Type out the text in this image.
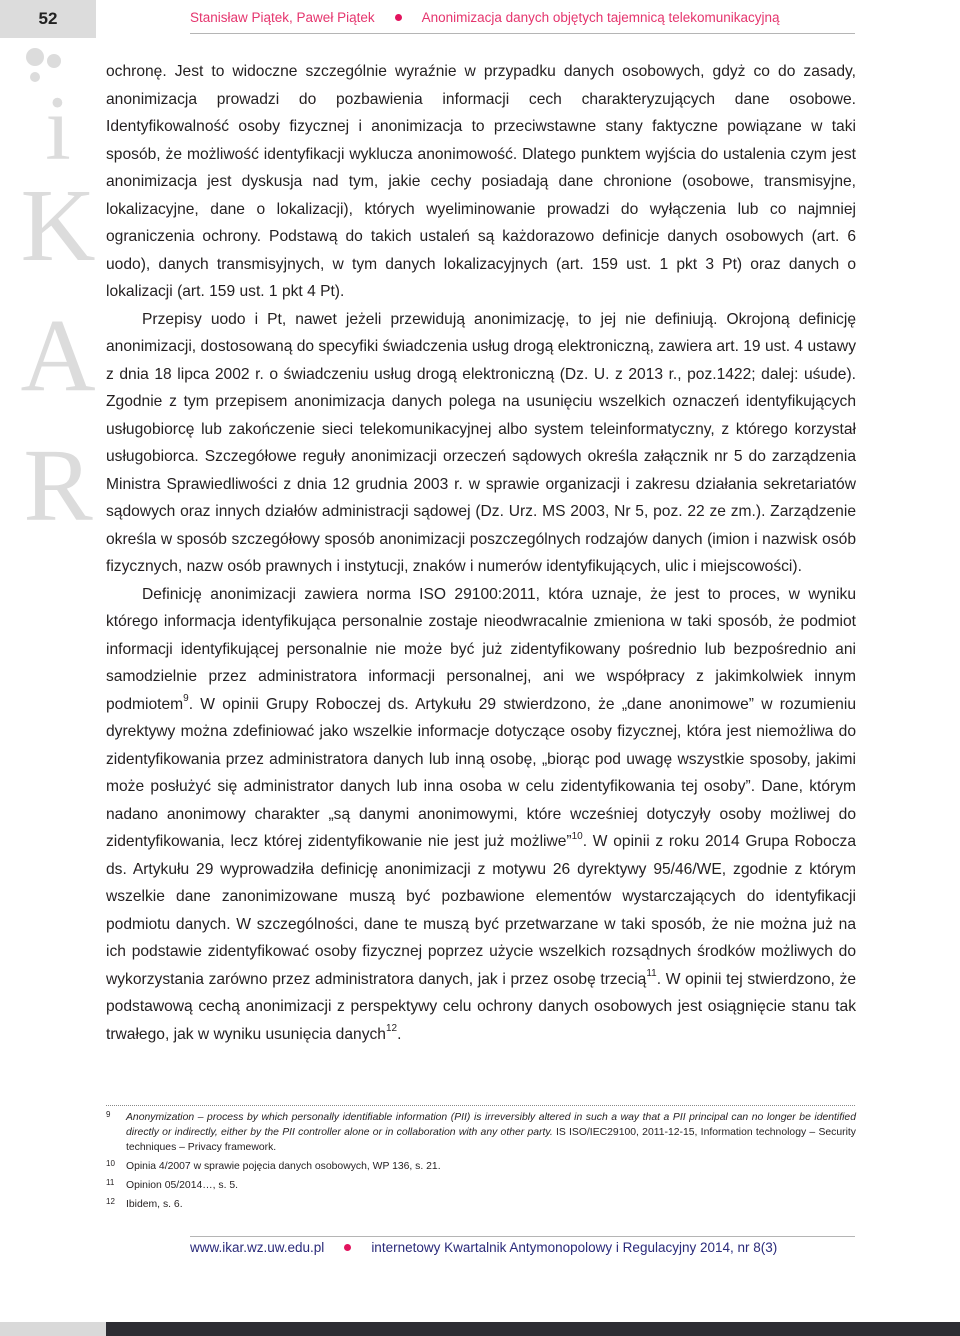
52	Stanisław Piątek, Paweł Piątek	Anonimizacja danych objętych tajemnicą telekomunikacyjną
i
K
A
R

ochronę. Jest to widoczne szczególnie wyraźnie w przypadku danych osobowych, gdyż co do zasady, anonimizacja prowadzi do pozbawienia informacji cech charakteryzujących dane osobowe. Identyfikowalność osoby fizycznej i anonimizacja to przeciwstawne stany faktyczne powiązane w taki sposób, że możliwość identyfikacji wyklucza anonimowość. Dlatego punktem wyjścia do ustalenia czym jest anonimizacja jest dyskusja nad tym, jakie cechy posiadają dane chronione (osobowe, transmisyjne, lokalizacyjne, dane o lokalizacji), których wyeliminowanie prowadzi do wyłączenia lub co najmniej ograniczenia ochrony. Podstawą do takich ustaleń są każdorazowo definicje danych osobowych (art. 6 uodo), danych transmisyjnych, w tym danych lokalizacyjnych (art. 159 ust. 1 pkt 3 Pt) oraz danych o lokalizacji (art. 159 ust. 1 pkt 4 Pt).

Przepisy uodo i Pt, nawet jeżeli przewidują anonimizację, to jej nie definiują. Okrojoną definicję anonimizacji, dostosowaną do specyfiki świadczenia usług drogą elektroniczną, zawiera art. 19 ust. 4 ustawy z dnia 18 lipca 2002 r. o świadczeniu usług drogą elektroniczną (Dz. U. z 2013 r., poz.1422; dalej: uśude). Zgodnie z tym przepisem anonimizacja danych polega na usunięciu wszelkich oznaczeń identyfikujących usługobiorcę lub zakończenie sieci telekomunikacyjnej albo system teleinformatyczny, z którego korzystał usługobiorca. Szczegółowe reguły anonimizacji orzeczeń sądowych określa załącznik nr 5 do zarządzenia Ministra Sprawiedliwości z dnia 12 grudnia 2003 r. w sprawie organizacji i zakresu działania sekretariatów sądowych oraz innych działów administracji sądowej (Dz. Urz. MS 2003, Nr 5, poz. 22 ze zm.). Zarządzenie określa w sposób szczegółowy sposób anonimizacji poszczególnych rodzajów danych (imion i nazwisk osób fizycznych, nazw osób prawnych i instytucji, znaków i numerów identyfikujących, ulic i miejscowości).

Definicję anonimizacji zawiera norma ISO 29100:2011, która uznaje, że jest to proces, w wyniku którego informacja identyfikująca personalnie zostaje nieodwracalnie zmieniona w taki sposób, że podmiot informacji identyfikującej personalnie nie może być już zidentyfikowany pośrednio lub bezpośrednio ani samodzielnie przez administratora informacji personalnej, ani we współpracy z jakimkolwiek innym podmiotem$^9$. W opinii Grupy Roboczej ds. Artykułu 29 stwierdzono, że „dane anonimowe” w rozumieniu dyrektywy można zdefiniować jako wszelkie informacje dotyczące osoby fizycznej, która jest niemożliwa do zidentyfikowania przez administratora danych lub inną osobę, „biorąc pod uwagę wszystkie sposoby, jakimi może posłużyć się administrator danych lub inna osoba w celu zidentyfikowania tej osoby”. Dane, którym nadano anonimowy charakter „są danymi anonimowymi, które wcześniej dotyczyły osoby możliwej do zidentyfikowania, lecz której zidentyfikowanie nie jest już możliwe”$^{10}$. W opinii z roku 2014 Grupa Robocza ds. Artykułu 29 wyprowadziła definicję anonimizacji z motywu 26 dyrektywy 95/46/WE, zgodnie z którym wszelkie dane zanonimizowane muszą być pozbawione elementów wystarczających do identyfikacji podmiotu danych. W szczególności, dane te muszą być przetwarzane w taki sposób, że nie można już na ich podstawie zidentyfikować osoby fizycznej poprzez użycie wszelkich rozsądnych środków możliwych do wykorzystania zarówno przez administratora danych, jak i przez osobę trzecią$^{11}$. W opinii tej stwierdzono, że podstawową cechą anonimizacji z perspektywy celu ochrony danych osobowych jest osiągnięcie stanu tak trwałego, jak w wyniku usunięcia danych$^{12}$.

9	Anonymization – process by which personally identifiable information (PII) is irreversibly altered in such a way that a PII principal can no longer be identified directly or indirectly, either by the PII controller alone or in collaboration with any other party. IS ISO/IEC29100, 2011-12-15, Information technology – Security techniques – Privacy framework.
10	Opinia 4/2007 w sprawie pojęcia danych osobowych, WP 136, s. 21.
11	Opinion 05/2014…, s. 5.
12	Ibidem, s. 6.
www.ikar.wz.uw.edu.pl	internetowy Kwartalnik Antymonopolowy i Regulacyjny 2014, nr 8(3)
